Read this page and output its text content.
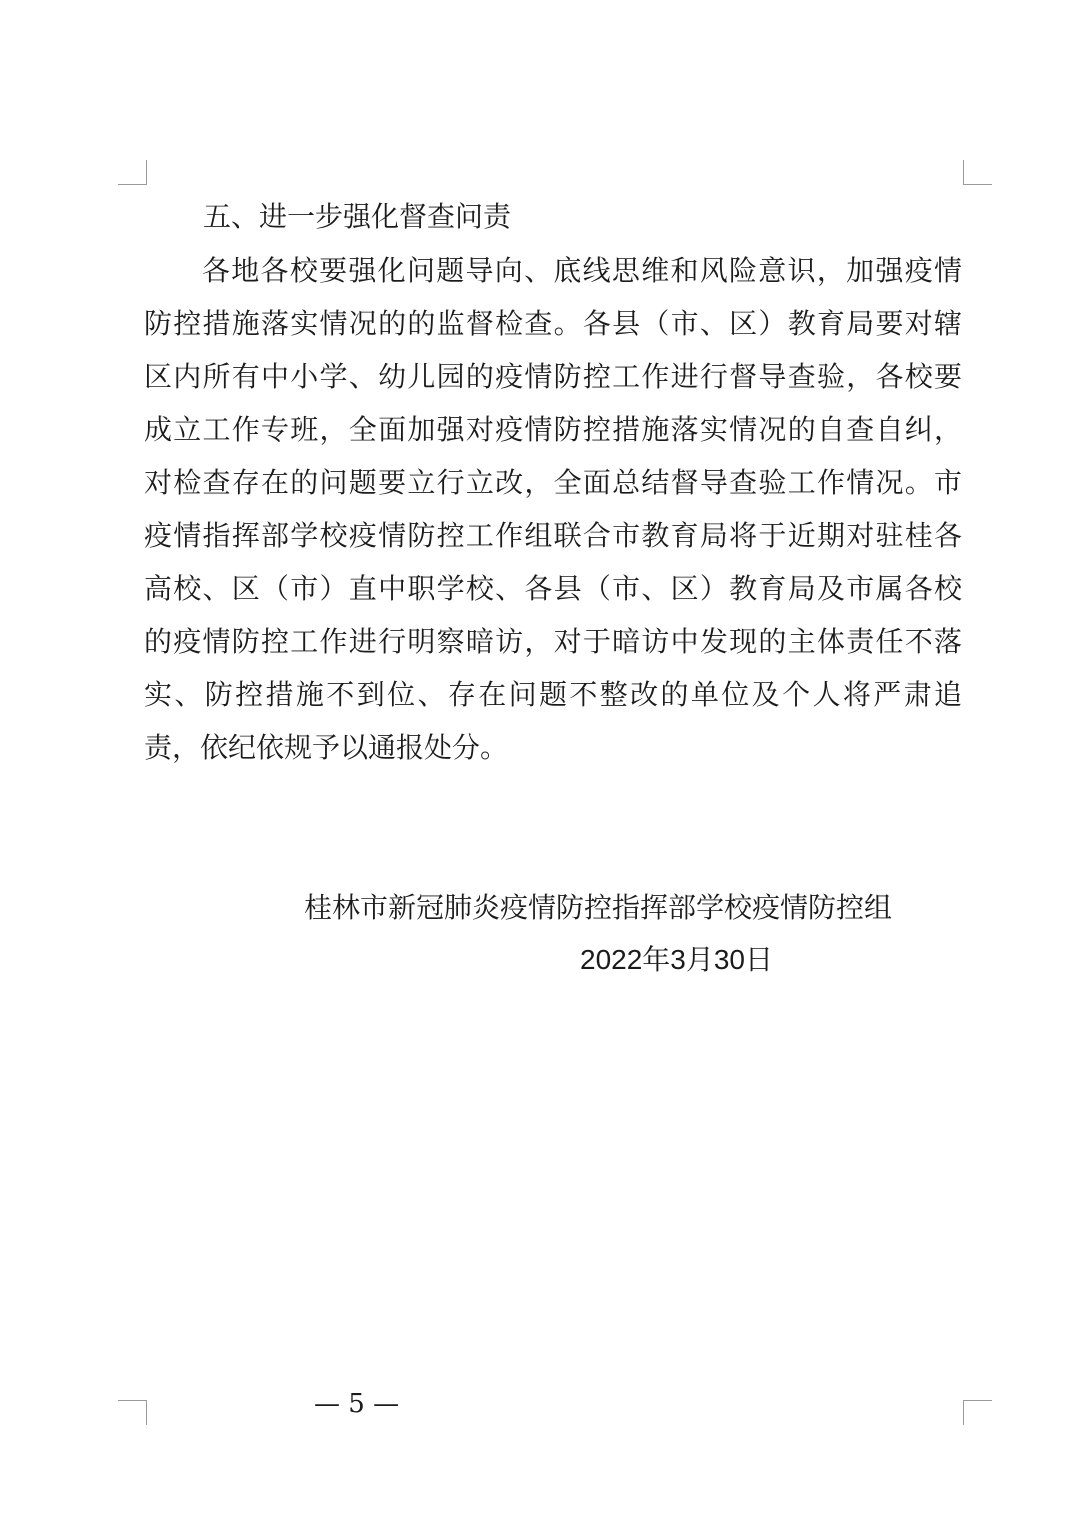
五、进一步强化督查问责
各地各校要强化问题导向、底线思维和风险意识，加强疫情
防控措施落实情况的的监督检查。各县（市、区）教育局要对辖
区内所有中小学、幼儿园的疫情防控工作进行督导查验，各校要
成立工作专班，全面加强对疫情防控措施落实情况的自查自纠，
对检查存在的问题要立行立改，全面总结督导查验工作情况。市
疫情指挥部学校疫情防控工作组联合市教育局将于近期对驻桂各
高校、区（市）直中职学校、各县（市、区）教育局及市属各校
的疫情防控工作进行明察暗访，对于暗访中发现的主体责任不落
实、防控措施不到位、存在问题不整改的单位及个人将严肃追
责，依纪依规予以通报处分。
桂林市新冠肺炎疫情防控指挥部学校疫情防控组
2022年3月30日
— 5 —
